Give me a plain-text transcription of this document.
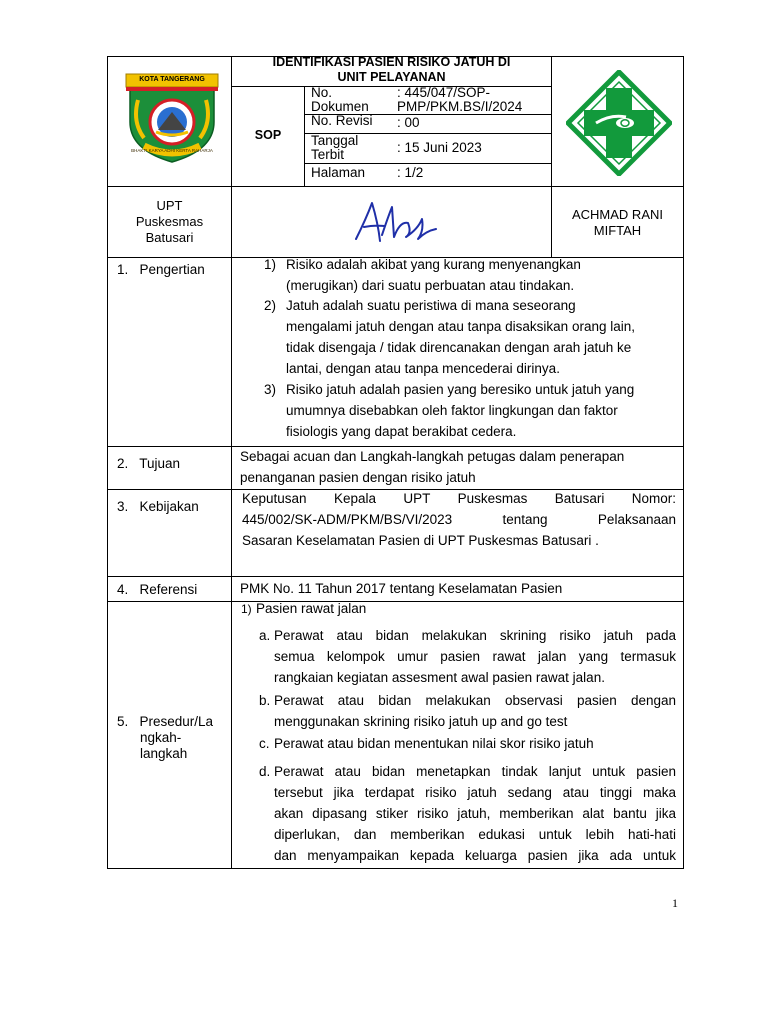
KOTA TANGERANG
BHAKTI KARYA ADHI KERTA RAHARJA
IDENTIFIKASI PASIEN RISIKO JATUH DI
UNIT PELAYANAN
SOP
No.
Dokumen
: 445/047/SOP-
PMP/PKM.BS/I/2024
No. Revisi : 00
Tanggal
Terbit	: 15 Juni 2023
Halaman : 1/2
UPT
Puskesmas
Batusari
ACHMAD RANI
MIFTAH
1.   Pengertian	1) Risiko adalah akibat yang kurang menyenangkan
(merugikan) dari suatu perbuatan atau tindakan.
2) Jatuh adalah suatu peristiwa di mana seseorang
mengalami jatuh dengan atau tanpa disaksikan orang lain,
tidak disengaja / tidak direncanakan dengan arah jatuh ke
lantai, dengan atau tanpa mencederai dirinya.
3) Risiko jatuh adalah pasien yang beresiko untuk jatuh yang
umumnya disebabkan oleh faktor lingkungan dan faktor
fisiologis yang dapat berakibat cedera.
2.   Tujuan	Sebagai acuan dan Langkah-langkah petugas dalam penerapan
penanganan pasien dengan risiko jatuh
3.   Kebijakan
Keputusan Kepala UPT Puskesmas Batusari Nomor:
445/002/SK-ADM/PKM/BS/VI/2023 tentang Pelaksanaan
Sasaran Keselamatan Pasien di UPT Puskesmas Batusari .
4.   Referensi	PMK No. 11 Tahun 2017 tentang Keselamatan Pasien
5.   Presedur/La
ngkah-
langkah
1) Pasien rawat jalan
a. Perawat atau bidan melakukan skrining risiko jatuh pada
semua kelompok umur pasien rawat jalan yang termasuk
rangkaian kegiatan assesment awal pasien rawat jalan.
b. Perawat atau bidan melakukan observasi pasien dengan
menggunakan skrining risiko jatuh up and go test
c. Perawat atau bidan menentukan nilai skor risiko jatuh
d. Perawat atau bidan menetapkan tindak lanjut untuk pasien
tersebut jika terdapat risiko jatuh sedang atau tinggi maka
akan dipasang stiker risiko jatuh, memberikan alat bantu jika
diperlukan, dan memberikan edukasi untuk lebih hati-hati
dan menyampaikan kepada keluarga pasien jika ada untuk
1
